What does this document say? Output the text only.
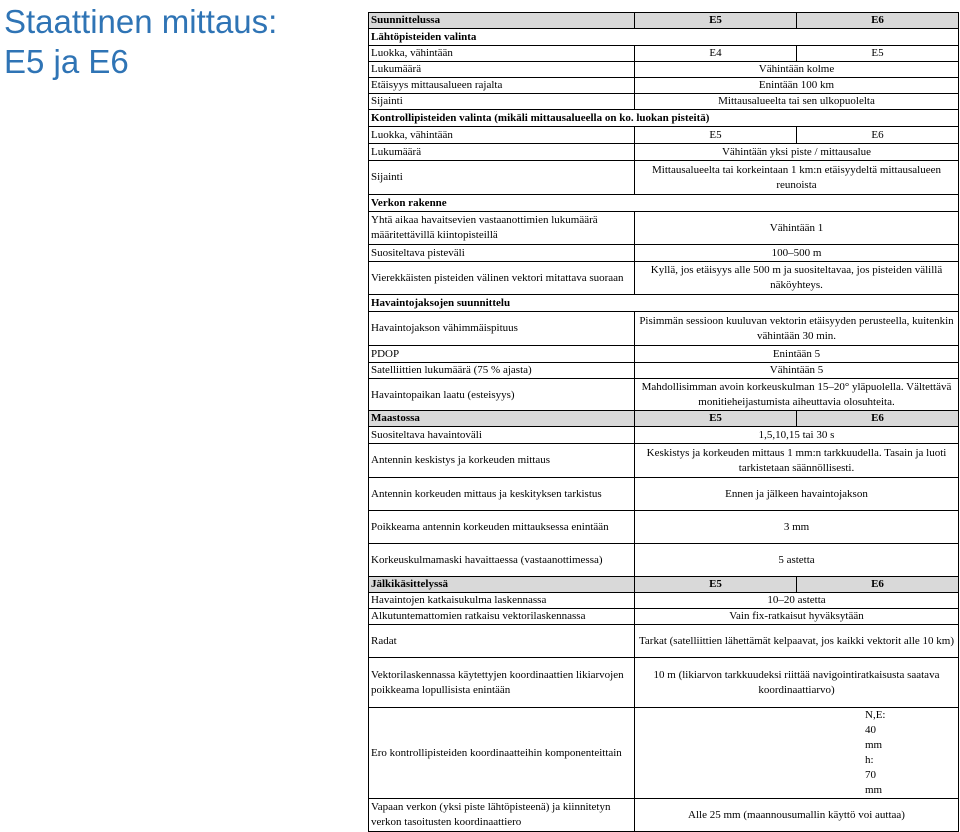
Staattinen mittaus:
E5 ja E6
Suunnittelussa	E5	E6
Lähtöpisteiden valinta		
Luokka, vähintään	E4	E5
Lukumäärä	Vähintään kolme	
Etäisyys mittausalueen rajalta	Enintään 100 km	
Sijainti	Mittausalueelta tai sen ulkopuolelta	
Kontrollipisteiden valinta (mikäli mittausalueella on ko. luokan pisteitä)		
Luokka, vähintään	E5	E6
Lukumäärä	Vähintään yksi piste / mittausalue	
Sijainti	Mittausalueelta tai korkeintaan 1 km:n etäisyydeltä mittausalueen reunoista	
Verkon rakenne		
Yhtä aikaa havaitsevien vastaanottimien lukumäärä määritettävillä kiintopisteillä	Vähintään 1	
Suositeltava pisteväli	100–500 m	
Vierekkäisten pisteiden välinen vektori mitattava suoraan	Kyllä, jos etäisyys alle 500 m ja suositeltavaa, jos pisteiden välillä näköyhteys.	
Havaintojaksojen suunnittelu		
Havaintojakson vähimmäispituus	Pisimmän sessioon kuuluvan vektorin etäisyyden perusteella, kuitenkin vähintään 30 min.	
PDOP	Enintään 5	
Satelliittien lukumäärä (75 % ajasta)	Vähintään 5	
Havaintopaikan laatu (esteisyys)	Mahdollisimman avoin korkeuskulman 15–20° yläpuolella. Vältettävä monitieheijastumista aiheuttavia olosuhteita.	
Maastossa	E5	E6
Suositeltava havaintoväli	1,5,10,15 tai 30 s	
Antennin keskistys ja korkeuden mittaus	Keskistys ja korkeuden mittaus 1 mm:n tarkkuudella. Tasain ja luoti tarkistetaan säännöllisesti.	
Antennin korkeuden mittaus ja keskityksen tarkistus	Ennen ja jälkeen havaintojakson	
Poikkeama antennin korkeuden mittauksessa enintään	3 mm	
Korkeuskulmamaski havaittaessa (vastaanottimessa)	5 astetta	
Jälkikäsittelyssä	E5	E6
Havaintojen katkaisukulma laskennassa	10–20 astetta	
Alkutuntemattomien ratkaisu vektorilaskennassa	Vain fix-ratkaisut hyväksytään	
Radat	Tarkat (satelliittien lähettämät kelpaavat, jos kaikki vektorit alle 10 km)	
Vektorilaskennassa käytettyjen koordinaattien likiarvojen poikkeama lopullisista enintään	10 m (likiarvon tarkkuudeksi riittää navigointiratkaisusta saatava koordinaattiarvo)	
Ero kontrollipisteiden koordinaatteihin komponenteittain	N,E: 40 mm h: 70 mm	
Vapaan verkon (yksi piste lähtöpisteenä) ja kiinnitetyn verkon tasoitusten koordinaattiero	Alle 25 mm (maannousumallin käyttö voi auttaa)	
